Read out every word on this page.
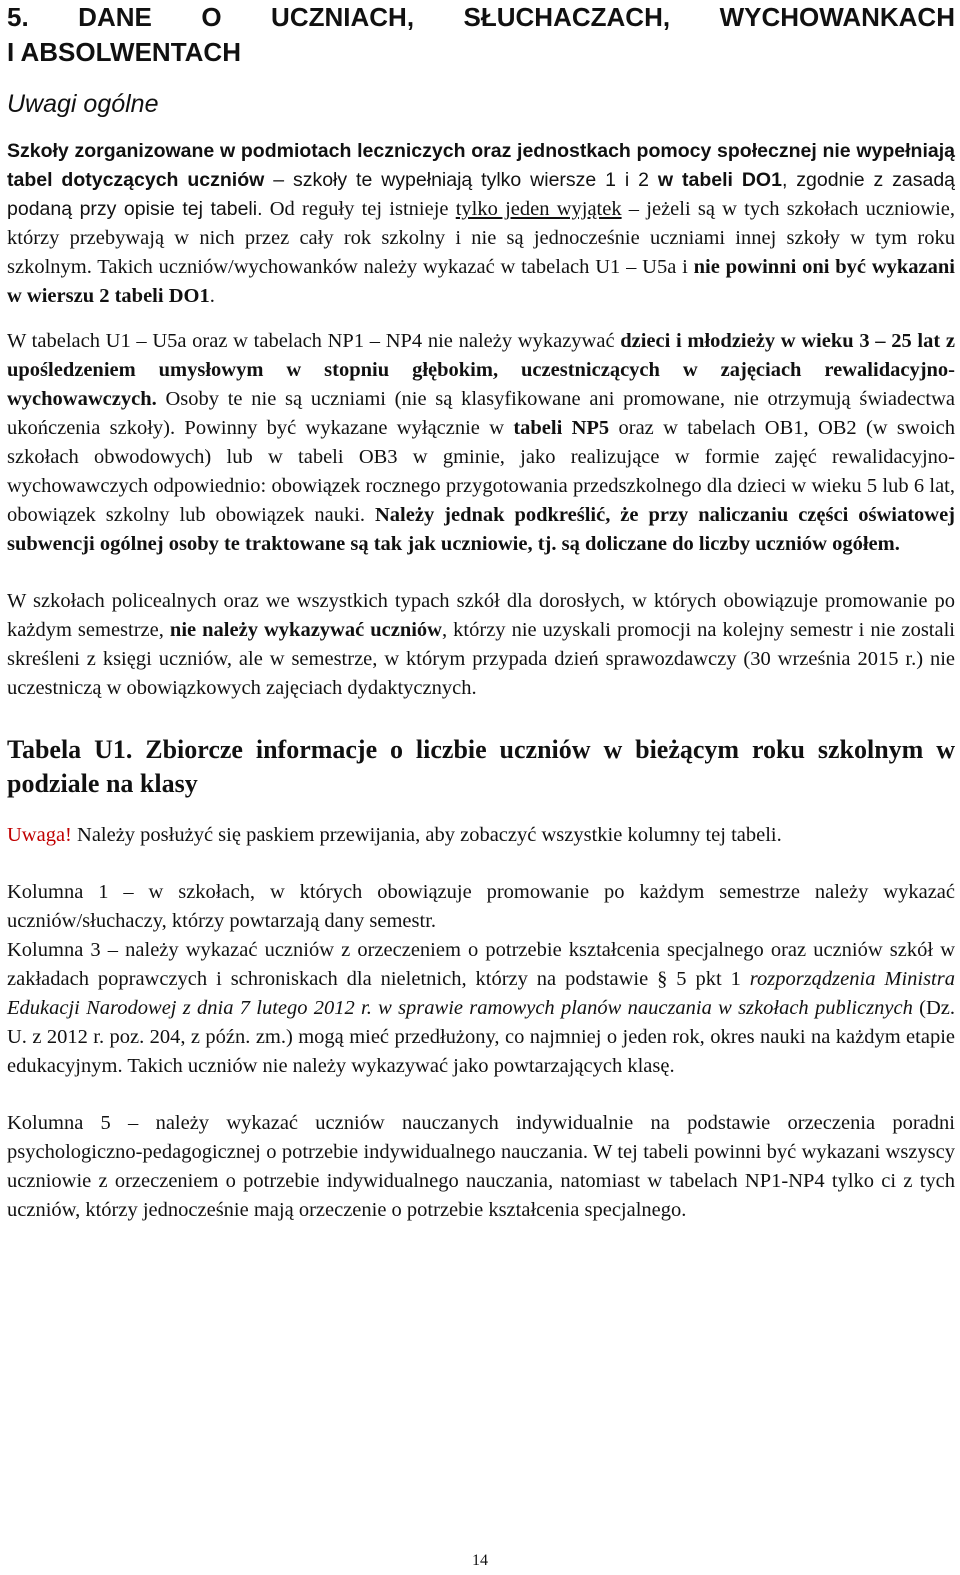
5. DANE O UCZNIACH, SŁUCHACZACH, WYCHOWANKACH
I ABSOLWENTACH
Uwagi ogólne

Szkoły zorganizowane w podmiotach leczniczych oraz jednostkach pomocy społecznej nie wypełniają tabel dotyczących uczniów – szkoły te wypełniają tylko wiersze 1 i 2 w tabeli DO1, zgodnie z zasadą podaną przy opisie tej tabeli. Od reguły tej istnieje tylko jeden wyjątek – jeżeli są w tych szkołach uczniowie, którzy przebywają w nich przez cały rok szkolny i nie są jednocześnie uczniami innej szkoły w tym roku szkolnym. Takich uczniów/wychowanków należy wykazać w tabelach U1 – U5a i nie powinni oni być wykazani w wierszu 2 tabeli DO1.

W tabelach U1 – U5a oraz w tabelach NP1 – NP4 nie należy wykazywać dzieci i młodzieży w wieku 3 – 25 lat z upośledzeniem umysłowym w stopniu głębokim, uczestniczących w zajęciach rewalidacyjno-wychowawczych. Osoby te nie są uczniami (nie są klasyfikowane ani promowane, nie otrzymują świadectwa ukończenia szkoły). Powinny być wykazane wyłącznie w tabeli NP5 oraz w tabelach OB1, OB2 (w swoich szkołach obwodowych) lub w tabeli OB3 w gminie, jako realizujące w formie zajęć rewalidacyjno-wychowawczych odpowiednio: obowiązek rocznego przygotowania przedszkolnego dla dzieci w wieku 5 lub 6 lat, obowiązek szkolny lub obowiązek nauki. Należy jednak podkreślić, że przy naliczaniu części oświatowej subwencji ogólnej osoby te traktowane są tak jak uczniowie, tj. są doliczane do liczby uczniów ogółem.

W szkołach policealnych oraz we wszystkich typach szkół dla dorosłych, w których obowiązuje promowanie po każdym semestrze, nie należy wykazywać uczniów, którzy nie uzyskali promocji na kolejny semestr i nie zostali skreśleni z księgi uczniów, ale w semestrze, w którym przypada dzień sprawozdawczy (30 września 2015 r.) nie uczestniczą w obowiązkowych zajęciach dydaktycznych.

Tabela U1. Zbiorcze informacje o liczbie uczniów w bieżącym roku szkolnym w podziale na klasy

Uwaga! Należy posłużyć się paskiem przewijania, aby zobaczyć wszystkie kolumny tej tabeli.

Kolumna 1 – w szkołach, w których obowiązuje promowanie po każdym semestrze należy wykazać uczniów/słuchaczy, którzy powtarzają dany semestr.

Kolumna 3 – należy wykazać uczniów z orzeczeniem o potrzebie kształcenia specjalnego oraz uczniów szkół w zakładach poprawczych i schroniskach dla nieletnich, którzy na podstawie § 5 pkt 1 rozporządzenia Ministra Edukacji Narodowej z dnia 7 lutego 2012 r. w sprawie ramowych planów nauczania w szkołach publicznych (Dz. U. z 2012 r. poz. 204, z późn. zm.) mogą mieć przedłużony, co najmniej o jeden rok, okres nauki na każdym etapie edukacyjnym. Takich uczniów nie należy wykazywać jako powtarzających klasę.

Kolumna 5 – należy wykazać uczniów nauczanych indywidualnie na podstawie orzeczenia poradni psychologiczno-pedagogicznej o potrzebie indywidualnego nauczania. W tej tabeli powinni być wykazani wszyscy uczniowie z orzeczeniem o potrzebie indywidualnego nauczania, natomiast w tabelach NP1-NP4 tylko ci z tych uczniów, którzy jednocześnie mają orzeczenie o potrzebie kształcenia specjalnego.

14
